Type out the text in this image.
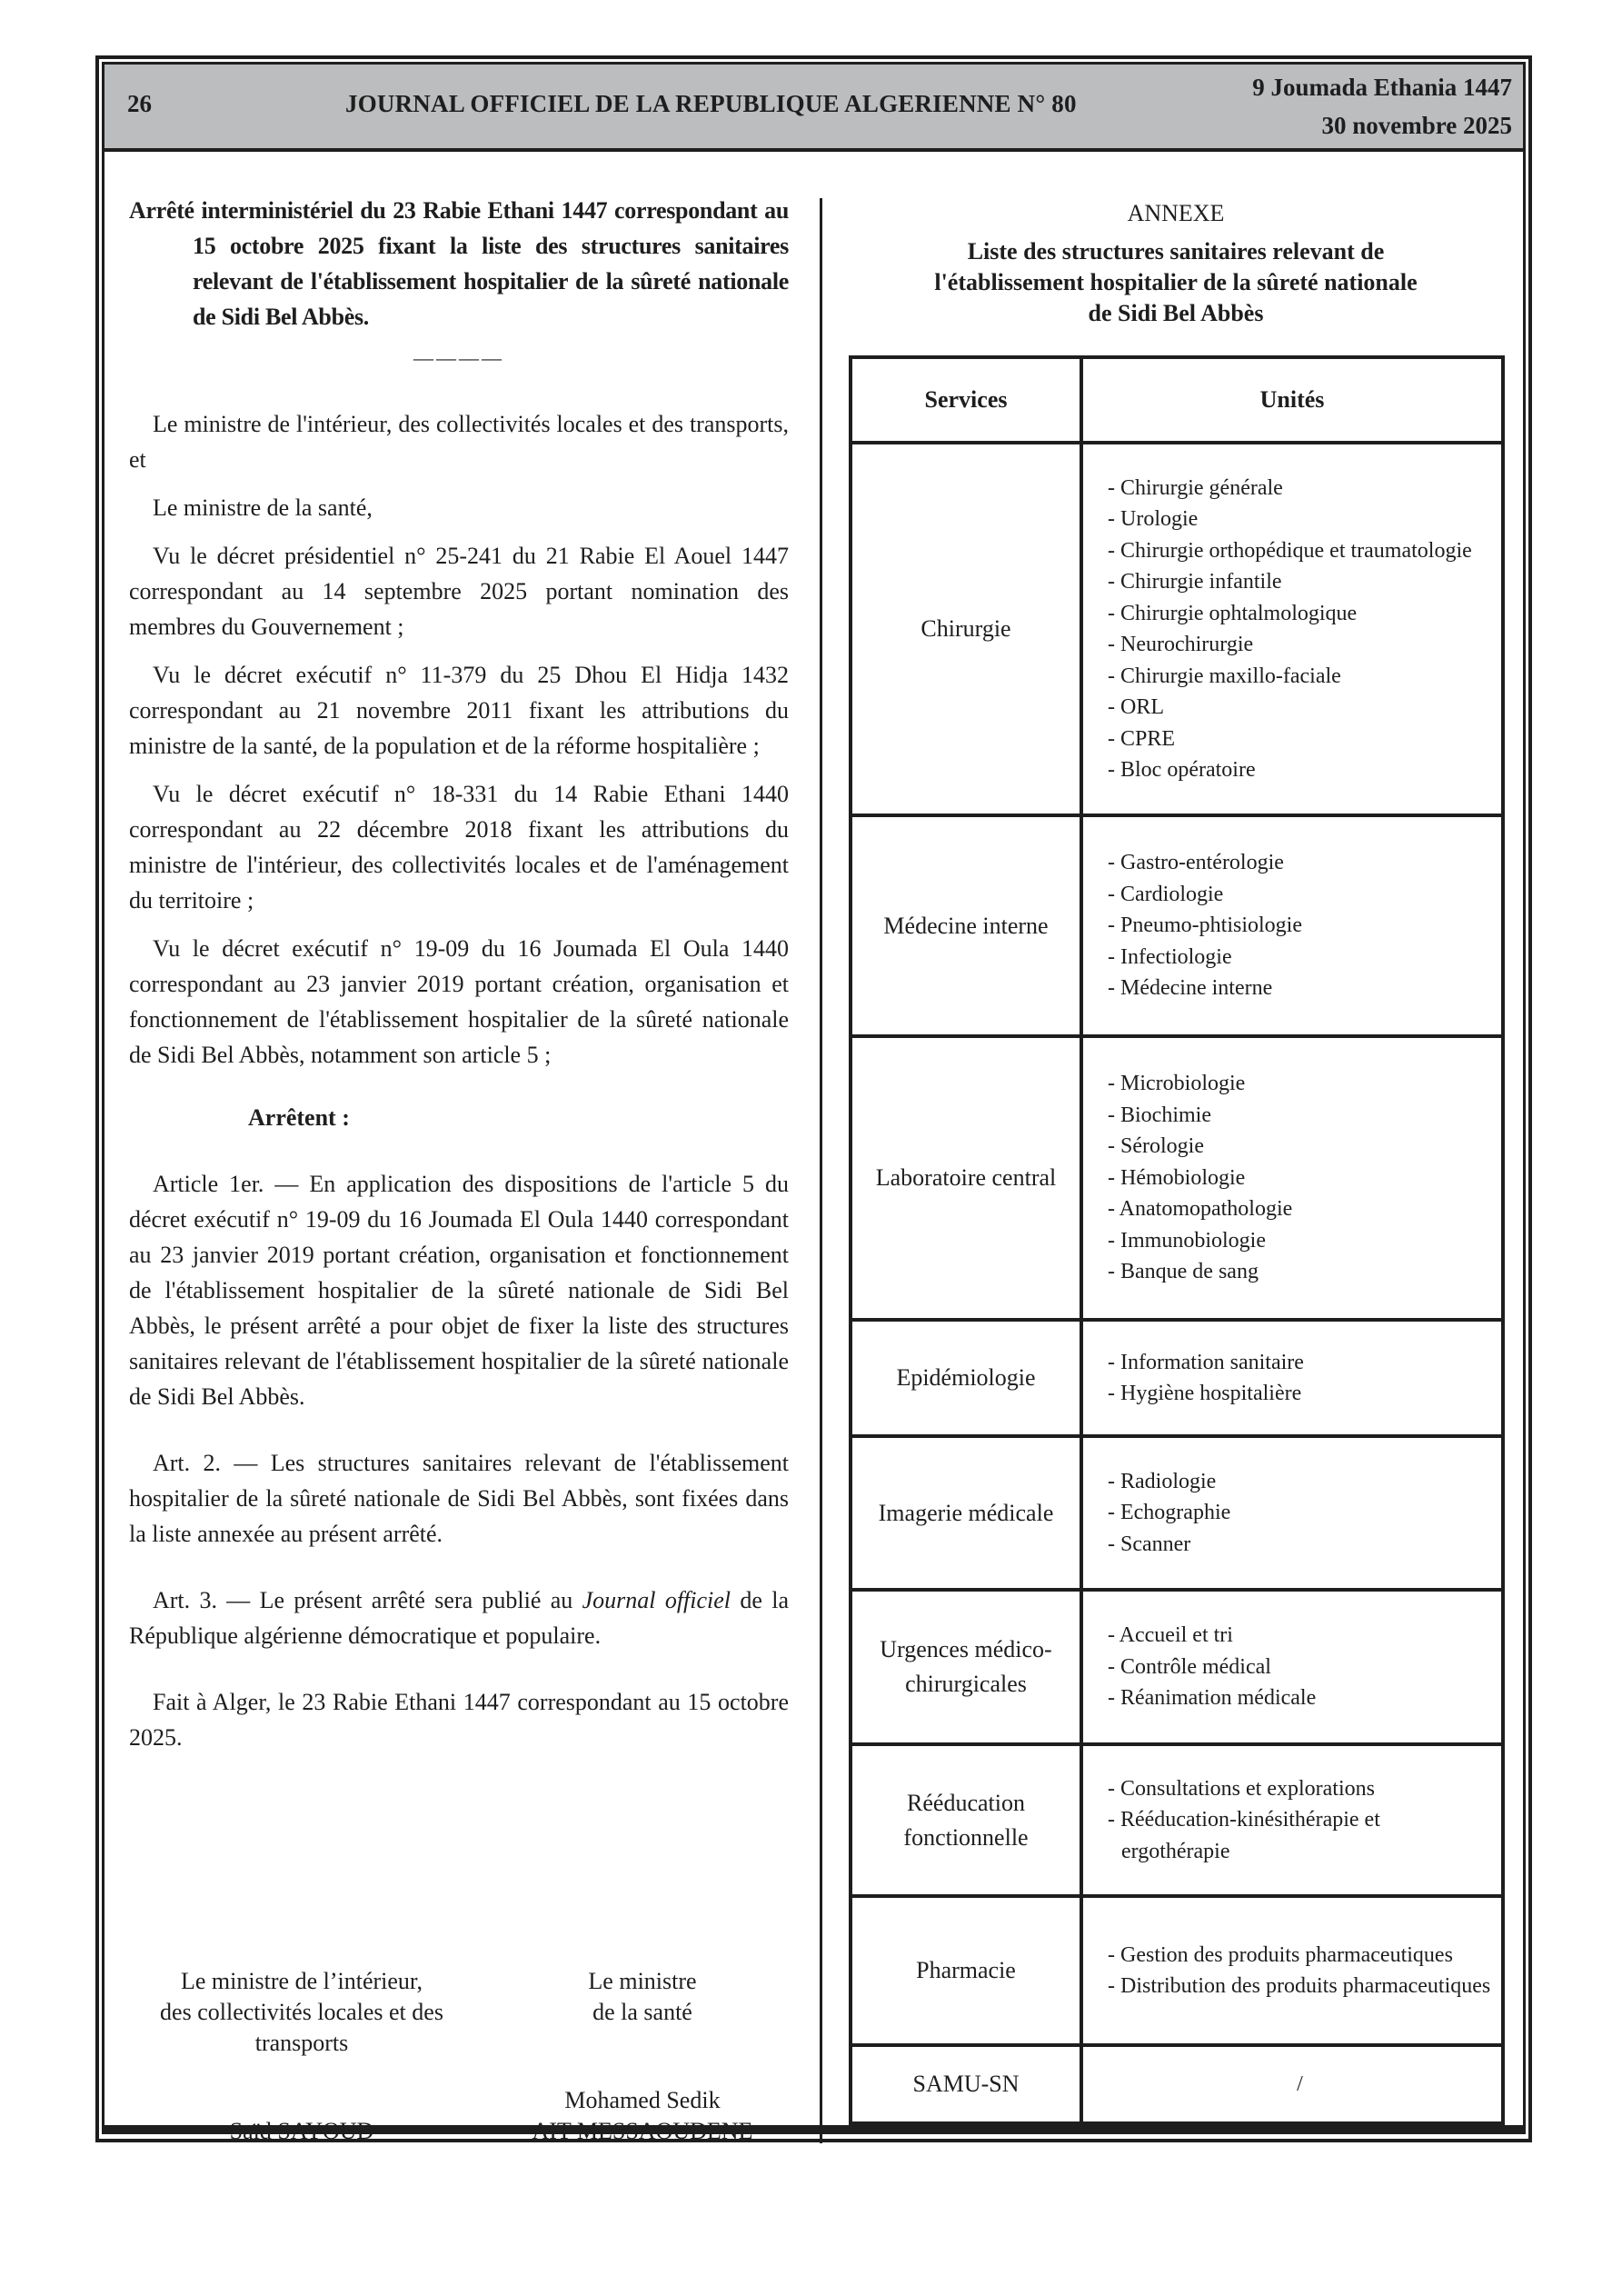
26	JOURNAL OFFICIEL DE LA REPUBLIQUE ALGERIENNE N° 80
9 Joumada Ethania 1447
30 novembre 2025
Arrêté interministériel du 23 Rabie Ethani 1447 correspondant au 15 octobre 2025 fixant la liste des structures sanitaires relevant de l'établissement hospitalier de la sûreté nationale de Sidi Bel Abbès.
————

Le ministre de l'intérieur, des collectivités locales et des transports, et

Le ministre de la santé,

Vu le décret présidentiel n° 25-241 du 21 Rabie El Aouel 1447 correspondant au 14 septembre 2025 portant nomination des membres du Gouvernement ;

Vu le décret exécutif n° 11-379 du 25 Dhou El Hidja 1432 correspondant au 21 novembre 2011 fixant les attributions du ministre de la santé, de la population et de la réforme hospitalière ;

Vu le décret exécutif n° 18-331 du 14 Rabie Ethani 1440 correspondant au 22 décembre 2018 fixant les attributions du ministre de l'intérieur, des collectivités locales et de l'aménagement du territoire ;

Vu le décret exécutif n° 19-09 du 16 Joumada El Oula 1440 correspondant au 23 janvier 2019 portant création, organisation et fonctionnement de l'établissement hospitalier de la sûreté nationale de Sidi Bel Abbès, notamment son article 5 ;

Arrêtent :

Article 1er. — En application des dispositions de l'article 5 du décret exécutif n° 19-09 du 16 Joumada El Oula 1440 correspondant au 23 janvier 2019 portant création, organisation et fonctionnement de l'établissement hospitalier de la sûreté nationale de Sidi Bel Abbès, le présent arrêté a pour objet de fixer la liste des structures sanitaires relevant de l'établissement hospitalier de la sûreté nationale de Sidi Bel Abbès.

Art. 2. — Les structures sanitaires relevant de l'établissement hospitalier de la sûreté nationale de Sidi Bel Abbès, sont fixées dans la liste annexée au présent arrêté.

Art. 3. — Le présent arrêté sera publié au Journal officiel de la République algérienne démocratique et populaire.

Fait à Alger, le 23 Rabie Ethani 1447 correspondant au 15 octobre 2025.

Le ministre de l’intérieur,
des collectivités locales et des
transports
Le ministre
de la santé
Saïd SAYOUD
Mohamed Sedik
AIT MESSAOUDENE
ANNEXE
Liste des structures sanitaires relevant de
l'établissement hospitalier de la sûreté nationale
de Sidi Bel Abbès
Services	Unités
Chirurgie	
- Chirurgie générale
- Urologie
- Chirurgie orthopédique et traumatologie
- Chirurgie infantile
- Chirurgie ophtalmologique
- Neurochirurgie
- Chirurgie maxillo-faciale
- ORL
- CPRE
- Bloc opératoire

Médecine interne	
- Gastro-entérologie
- Cardiologie
- Pneumo-phtisiologie
- Infectiologie
- Médecine interne

Laboratoire central	
- Microbiologie
- Biochimie
- Sérologie
- Hémobiologie
- Anatomopathologie
- Immunobiologie
- Banque de sang

Epidémiologie	
- Information sanitaire
- Hygiène hospitalière

Imagerie médicale	
- Radiologie
- Echographie
- Scanner

Urgences médico-chirurgicales	
- Accueil et tri
- Contrôle médical
- Réanimation médicale

Rééducation fonctionnelle	
- Consultations et explorations
- Rééducation-kinésithérapie et ergothérapie

Pharmacie	
- Gestion des produits pharmaceutiques
- Distribution des produits pharmaceutiques

SAMU-SN	/
